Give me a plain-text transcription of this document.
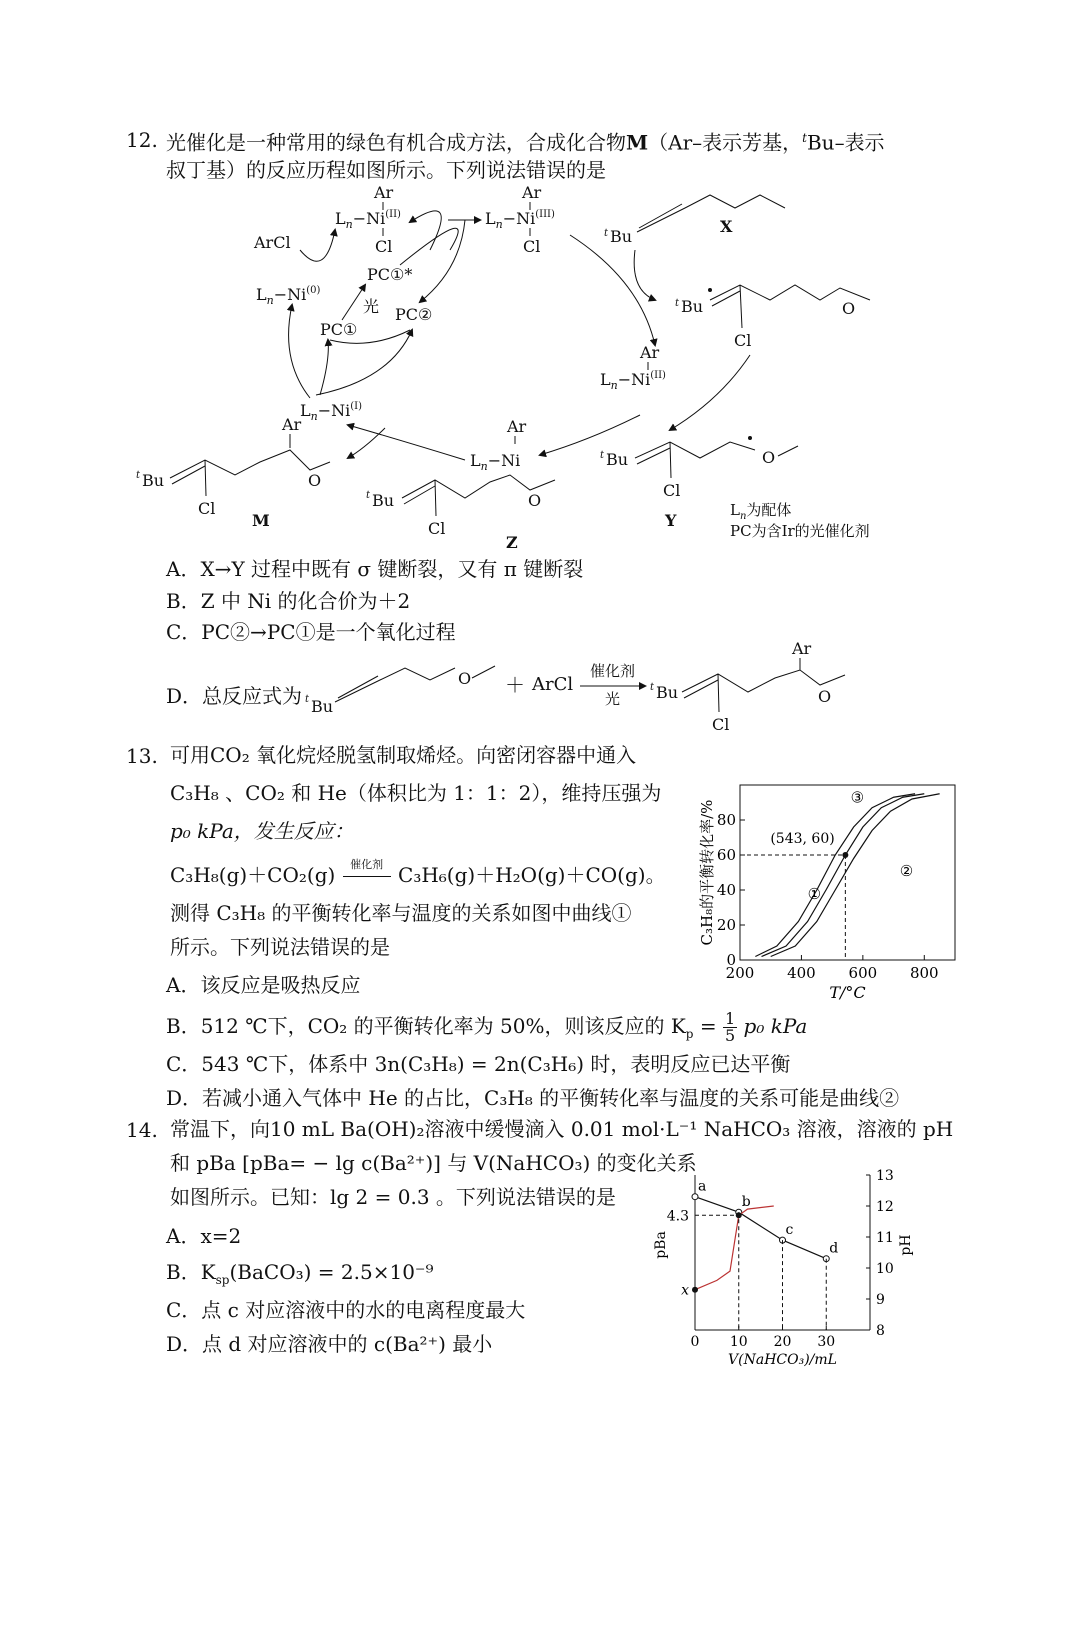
12. 光催化是一种常用的绿色有机合成方法，合成化合物M（Ar–表示芳基，$^t$Bu–表示
叔丁基）的反应历程如图所示。下列说法错误的是
Ar
$L_n-Ni^{(II)}$
Cl
Ar
$L_n-Ni^{(III)}$
Cl
ArCl
$L_n-Ni^{(0)}$
PC①*
光
PC①
PC②
$L_n-Ni^{(I)}$
t Bu
X
t Bu
Cl
O
Ar
$L_n-Ni^{(II)}$
t Bu
Cl
O
Y
Ar
$L_n-Ni$
t Bu
Cl
O
Z
Ar
t Bu
Cl
O
M
$L_n$为配体
PC为含Ir的光催化剂
A．X→Y 过程中既有 σ 键断裂，又有 π 键断裂
B．Z 中 Ni 的化合价为＋2
C．PC②→PC①是一个氧化过程
D．总反应式为 t Bu
O ＋ ArCl
催化剂
光
t Bu
Cl
Ar
O
13. 可用CO₂ 氧化烷烃脱氢制取烯烃。向密闭容器中通入
C₃H₈ 、CO₂ 和 He（体积比为 1：1：2），维持压强为
p₀ kPa，发生反应：
C₃H₈(g)＋CO₂(g)	催化剂 C₃H₆(g)＋H₂O(g)＋CO(g)。
测得 C₃H₈ 的平衡转化率与温度的关系如图中曲线①
所示。下列说法错误的是
200 400 600 800
0
20
40
60
80
T/°C
C₃H₈的平衡转化率/%	①
②
③
(543, 60)
A．该反应是吸热反应
B．512 ℃下，CO₂ 的平衡转化率为 50%，则该反应的 $K_p = \frac{1}{5} p_0$ kPa
C．543 ℃下，体系中 3n(C₃H₈) = 2n(C₃H₆) 时，表明反应已达平衡
D．若减小通入气体中 He 的占比，C₃H₈ 的平衡转化率与温度的关系可能是曲线②
14. 常温下，向10 mL Ba(OH)₂溶液中缓慢滴入 0.01 mol·L⁻¹ NaHCO₃ 溶液，溶液的 pH
和 pBa [pBa= − lg c(Ba²⁺)] 与 V(NaHCO₃) 的变化关系
如图所示。已知：lg 2 = 0.3 。下列说法错误的是
A．x=2
B．$K_{sp}(BaCO_3) = 2.5\times 10^{-9}$
C．点 c 对应溶液中的水的电离程度最大
D．点 d 对应溶液中的 c(Ba²⁺) 最小	0 10 20 30
8
9
10
11
12
13
V(NaHCO₃)/mL
pBa	pH
a
b
c
d
4.3
x
